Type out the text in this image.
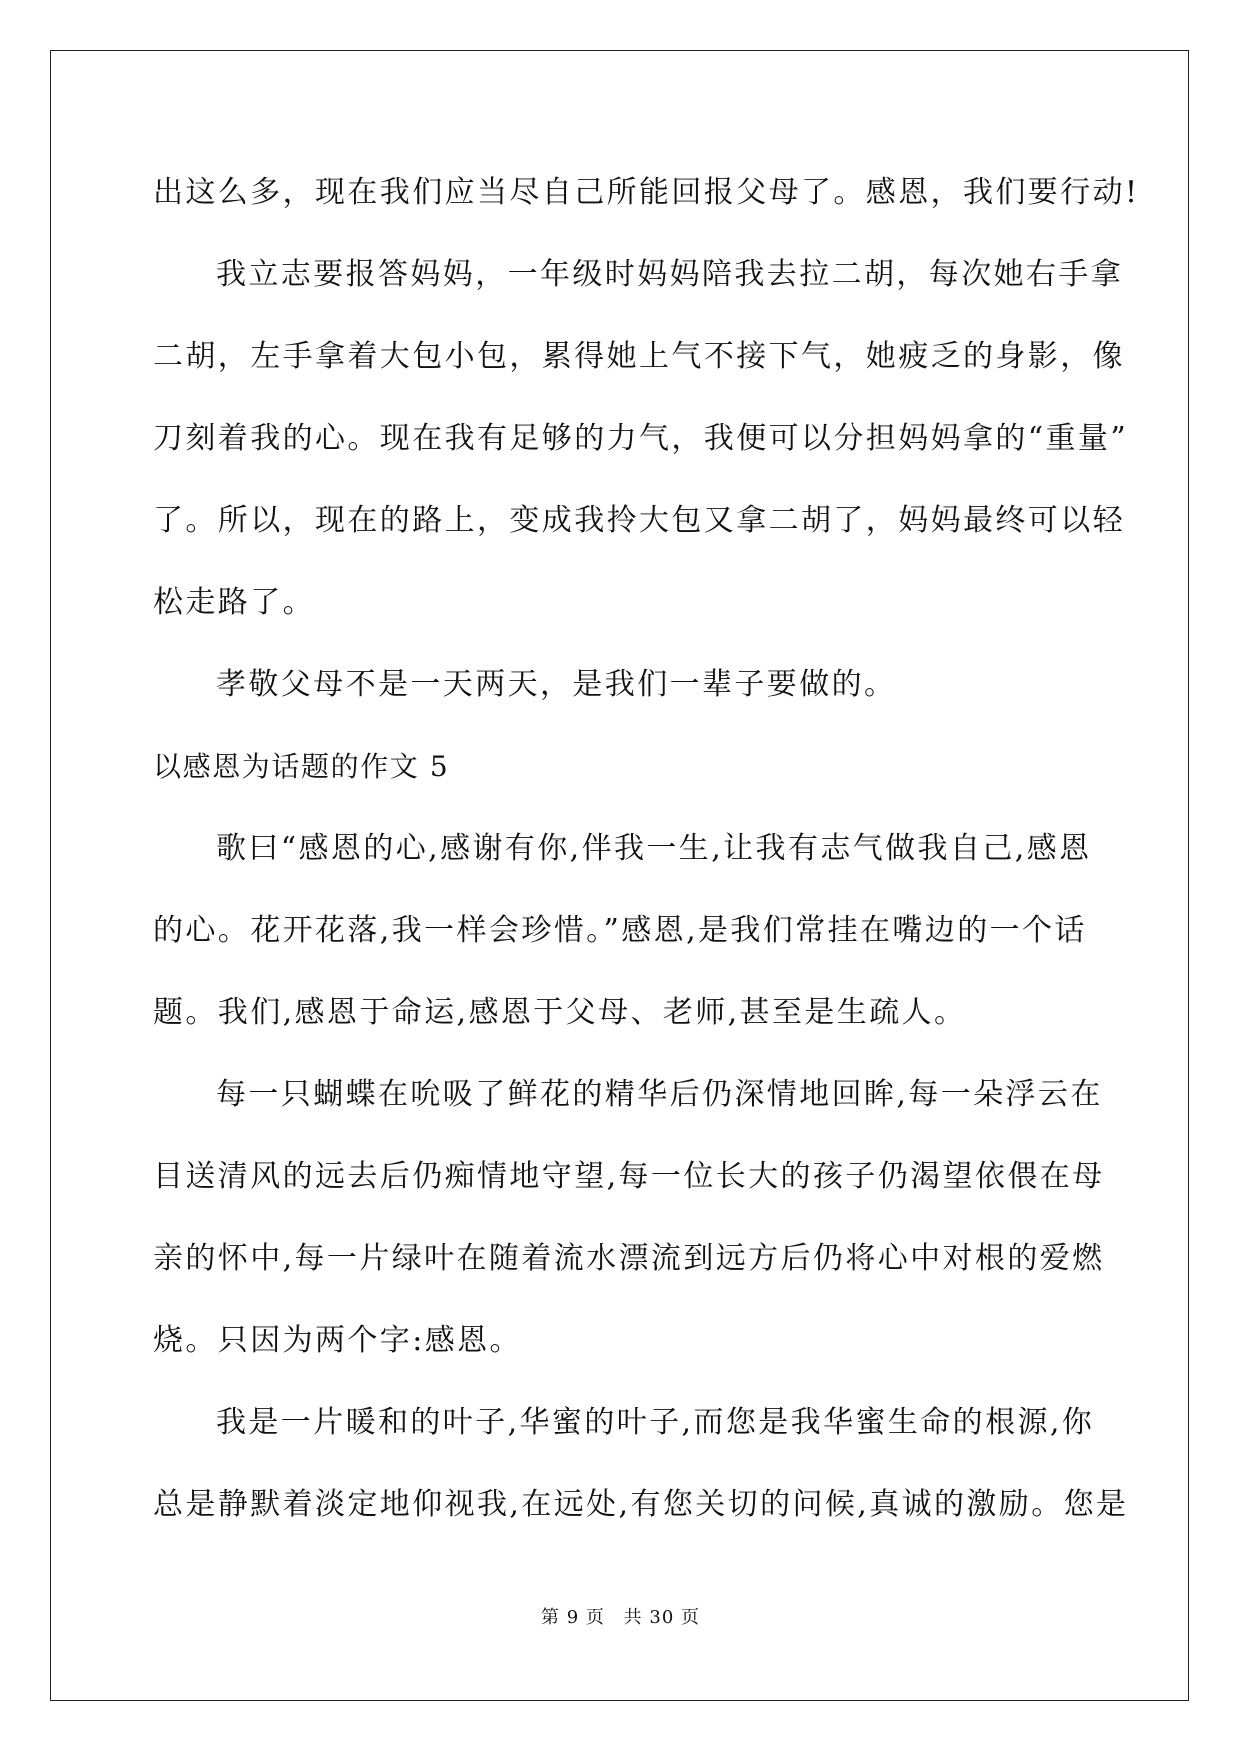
出这么多，现在我们应当尽自己所能回报父母了。感恩，我们要行动!
我立志要报答妈妈，一年级时妈妈陪我去拉二胡，每次她右手拿
二胡，左手拿着大包小包，累得她上气不接下气，她疲乏的身影，像
刀刻着我的心。现在我有足够的力气，我便可以分担妈妈拿的“重量”
了。所以，现在的路上，变成我拎大包又拿二胡了，妈妈最终可以轻
松走路了。
孝敬父母不是一天两天，是我们一辈子要做的。
以感恩为话题的作文 5
歌曰“感恩的心,感谢有你,伴我一生,让我有志气做我自己,感恩
的心。花开花落,我一样会珍惜。”感恩,是我们常挂在嘴边的一个话
题。我们,感恩于命运,感恩于父母、老师,甚至是生疏人。
每一只蝴蝶在吮吸了鲜花的精华后仍深情地回眸,每一朵浮云在
目送清风的远去后仍痴情地守望,每一位长大的孩子仍渴望依偎在母
亲的怀中,每一片绿叶在随着流水漂流到远方后仍将心中对根的爱燃
烧。只因为两个字:感恩。
我是一片暖和的叶子,华蜜的叶子,而您是我华蜜生命的根源,你
总是静默着淡定地仰视我,在远处,有您关切的问候,真诚的激励。您是
第 9 页 共 30 页
